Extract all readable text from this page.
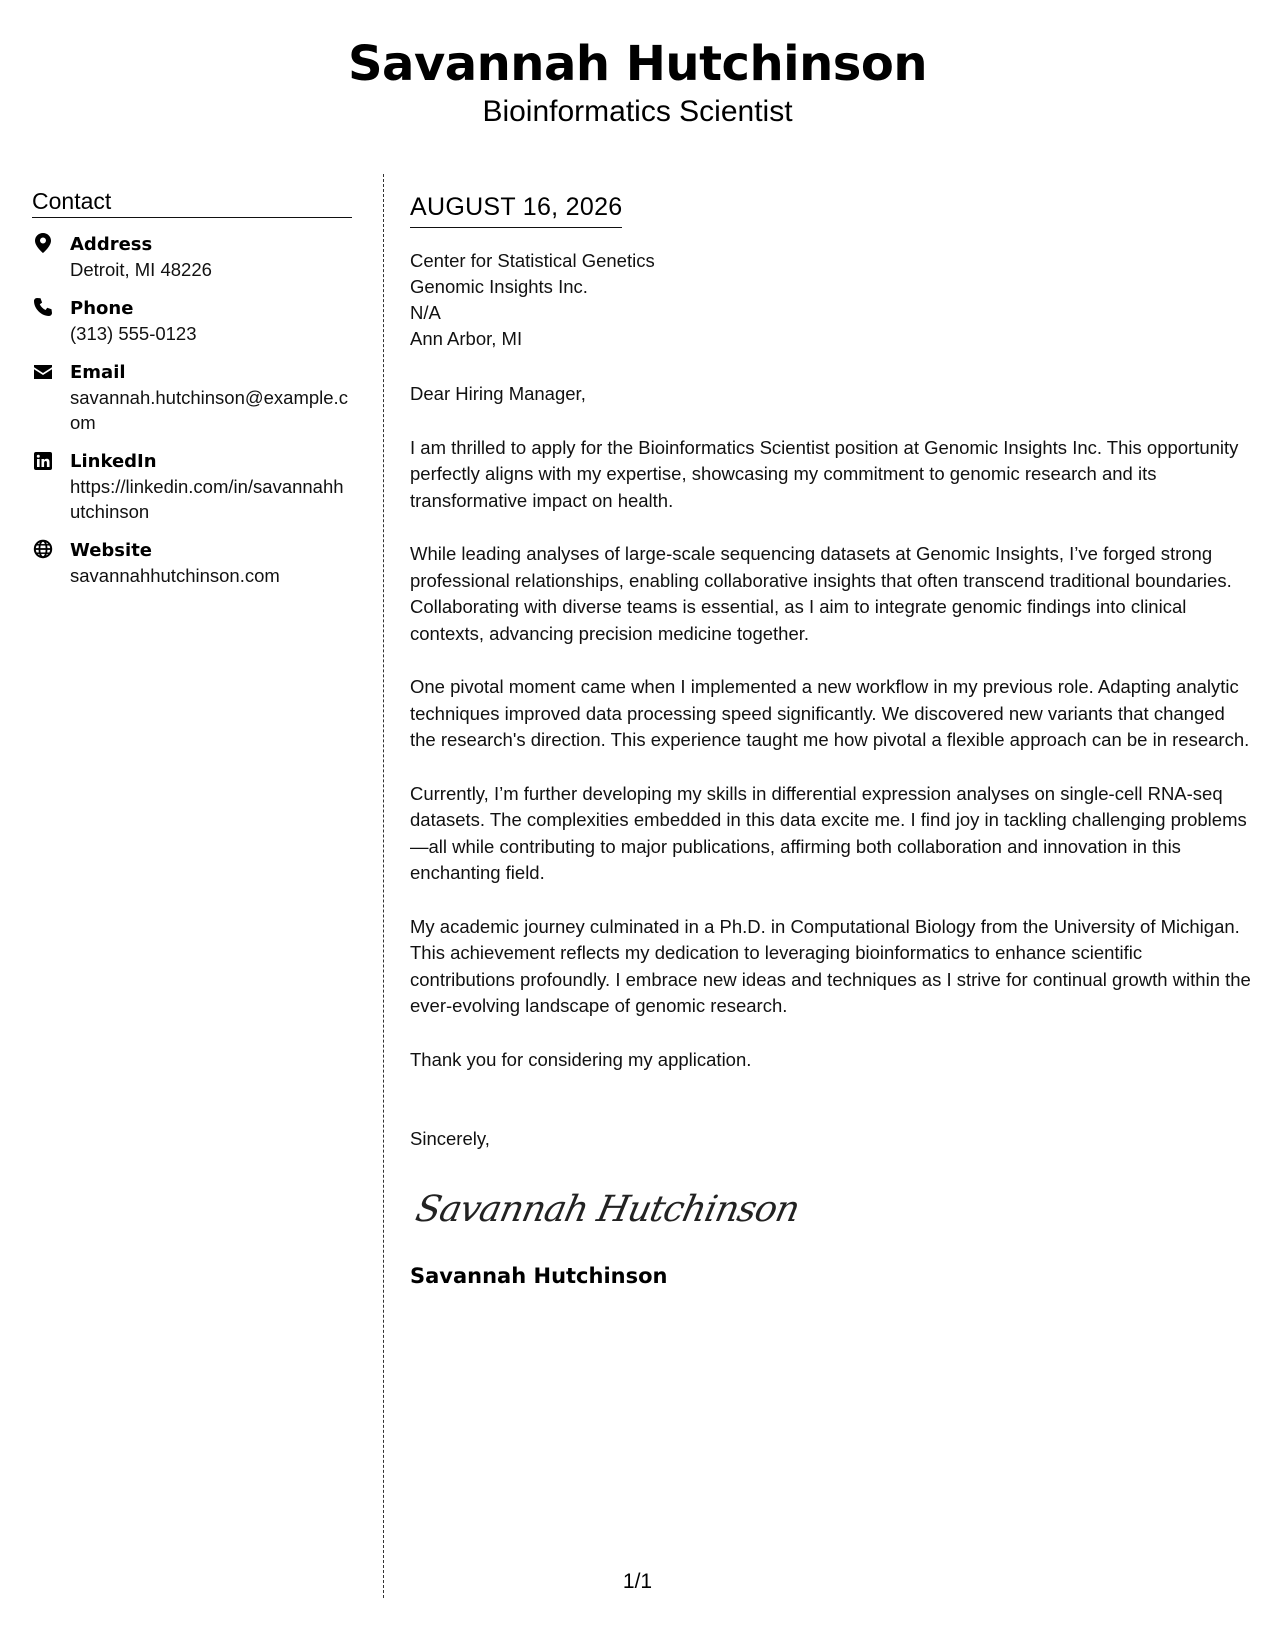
Savannah Hutchinson
Bioinformatics Scientist
Contact
Address
Detroit, MI 48226
Phone
(313) 555-0123
Email
savannah.hutchinson@example.com
LinkedIn
https://linkedin.com/in/savannahhutchinson
Website
savannahhutchinson.com
AUGUST 16, 2026
Center for Statistical Genetics
Genomic Insights Inc.
N/A
Ann Arbor, MI
Dear Hiring Manager,
I am thrilled to apply for the Bioinformatics Scientist position at Genomic Insights Inc. This opportunity perfectly aligns with my expertise, showcasing my commitment to genomic research and its transformative impact on health.
While leading analyses of large-scale sequencing datasets at Genomic Insights, I’ve forged strong professional relationships, enabling collaborative insights that often transcend traditional boundaries. Collaborating with diverse teams is essential, as I aim to integrate genomic findings into clinical contexts, advancing precision medicine together.
One pivotal moment came when I implemented a new workflow in my previous role. Adapting analytic techniques improved data processing speed significantly. We discovered new variants that changed the research's direction. This experience taught me how pivotal a flexible approach can be in research.
Currently, I’m further developing my skills in differential expression analyses on single-cell RNA-seq datasets. The complexities embedded in this data excite me. I find joy in tackling challenging problems—all while contributing to major publications, affirming both collaboration and innovation in this enchanting field.
My academic journey culminated in a Ph.D. in Computational Biology from the University of Michigan. This achievement reflects my dedication to leveraging bioinformatics to enhance scientific contributions profoundly. I embrace new ideas and techniques as I strive for continual growth within the ever-evolving landscape of genomic research.
Thank you for considering my application.
Sincerely,
Savannah Hutchinson
Savannah Hutchinson
1/1
